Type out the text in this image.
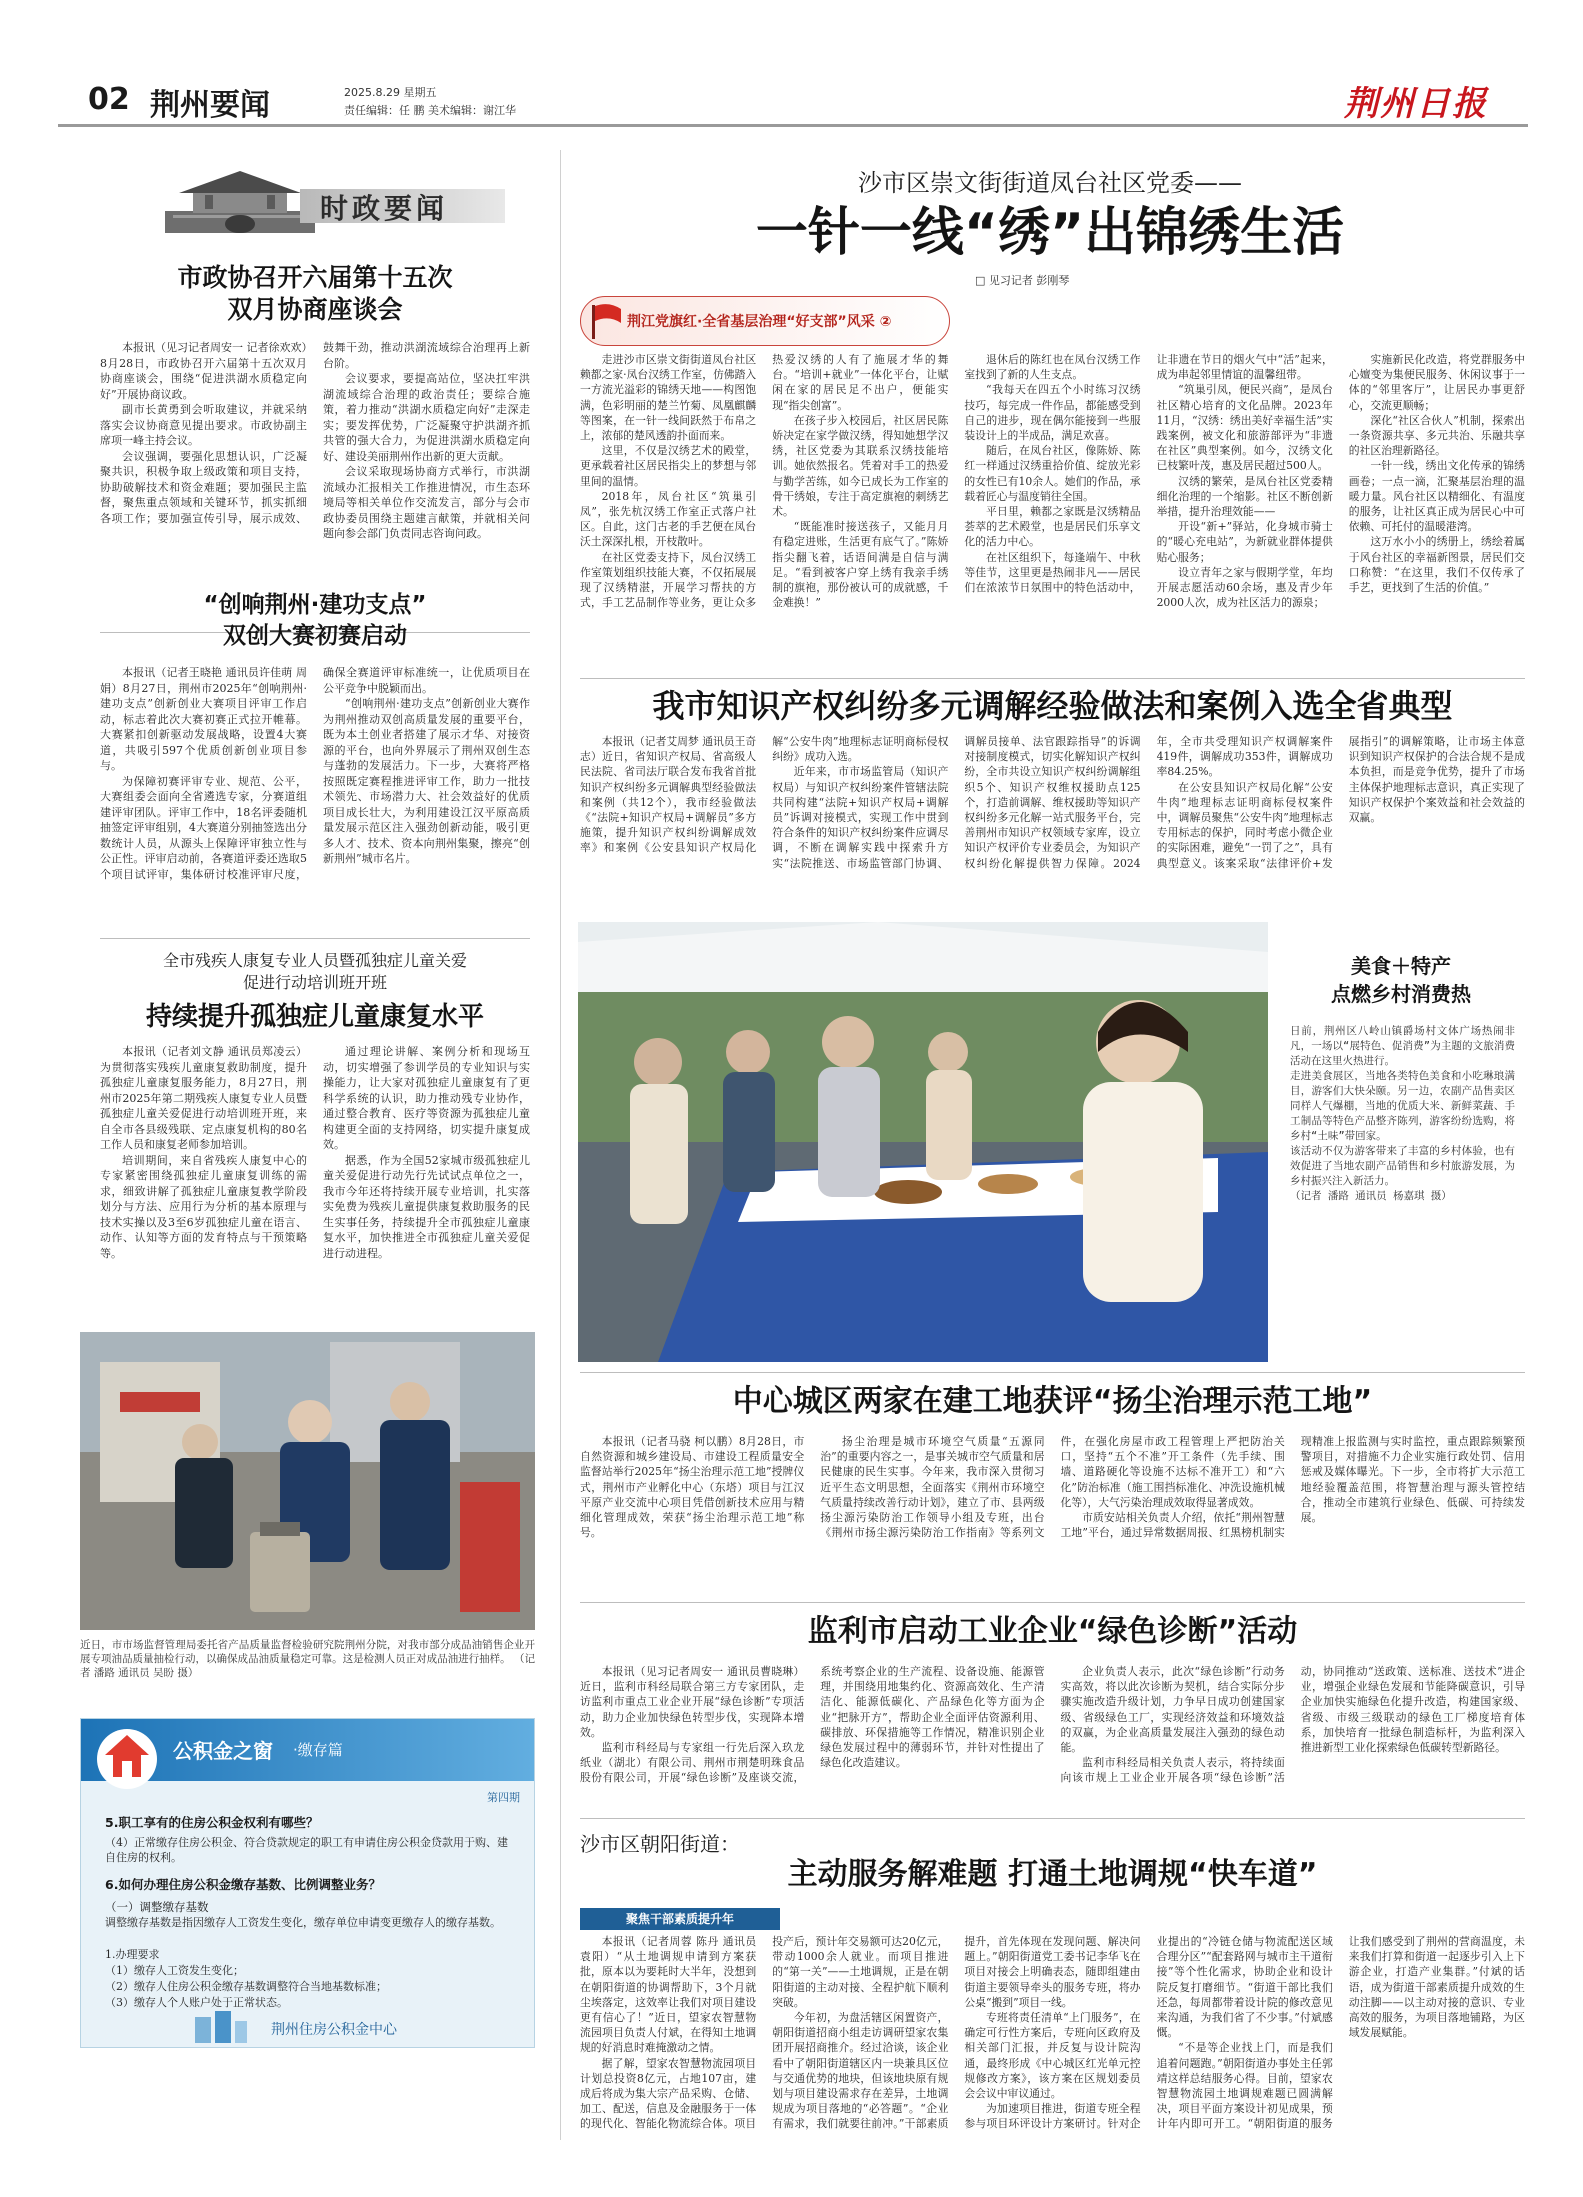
02 荆州要闻	2025.8.29 星期五
责任编辑：任 鹏 美术编辑：谢江华	荆州日报
时政要闻
市政协召开六届第十五次
双月协商座谈会

本报讯（见习记者周安一 记者徐欢欢）8月28日，市政协召开六届第十五次双月协商座谈会，围绕“促进洪湖水质稳定向好”开展协商议政。

副市长黄勇到会听取建议，并就采纳落实会议协商意见提出要求。市政协副主席项一峰主持会议。

会议强调，要强化思想认识，广泛凝聚共识，积极争取上级政策和项目支持，协助破解技术和资金难题；要加强民主监督，聚焦重点领域和关键环节，抓实抓细各项工作；要加强宣传引导，展示成效、鼓舞干劲，推动洪湖流域综合治理再上新台阶。

会议要求，要提高站位，坚决扛牢洪湖流域综合治理的政治责任；要综合施策，着力推动“洪湖水质稳定向好”走深走实；要发挥优势，广泛凝聚守护洪湖齐抓共管的强大合力，为促进洪湖水质稳定向好、建设美丽荆州作出新的更大贡献。

会议采取现场协商方式举行，市洪湖流域办汇报相关工作推进情况，市生态环境局等相关单位作交流发言，部分与会市政协委员围绕主题建言献策，并就相关问题向参会部门负责同志咨询问政。

“创响荆州·建功支点”
双创大赛初赛启动

本报讯（记者王晓艳 通讯员许佳萌 周娟）8月27日，荆州市2025年“创响荆州·建功支点”创新创业大赛项目评审工作启动，标志着此次大赛初赛正式拉开帷幕。大赛紧扣创新驱动发展战略，设置4大赛道，共吸引597个优质创新创业项目参与。

为保障初赛评审专业、规范、公平，大赛组委会面向全省遴选专家，分赛道组建评审团队。评审工作中，18名评委随机抽签定评审组别，4大赛道分别抽签选出分数统计人员，从源头上保障评审独立性与公正性。评审启动前，各赛道评委还选取5个项目试评审，集体研讨校准评审尺度，确保全赛道评审标准统一，让优质项目在公平竞争中脱颖而出。

“创响荆州·建功支点”创新创业大赛作为荆州推动双创高质量发展的重要平台，既为本土创业者搭建了展示才华、对接资源的平台，也向外界展示了荆州双创生态与蓬勃的发展活力。下一步，大赛将严格按照既定赛程推进评审工作，助力一批技术领先、市场潜力大、社会效益好的优质项目成长壮大，为利用建设江汉平原高质量发展示范区注入强劲创新动能，吸引更多人才、技术、资本向荆州集聚，擦亮“创新荆州”城市名片。

全市残疾人康复专业人员暨孤独症儿童关爱
促进行动培训班开班
持续提升孤独症儿童康复水平

本报讯（记者刘文静 通讯员郑凌云）为贯彻落实残疾儿童康复救助制度，提升孤独症儿童康复服务能力，8月27日，荆州市2025年第二期残疾人康复专业人员暨孤独症儿童关爱促进行动培训班开班，来自全市各县级残联、定点康复机构的80名工作人员和康复老师参加培训。

培训期间，来自省残疾人康复中心的专家紧密围绕孤独症儿童康复训练的需求，细致讲解了孤独症儿童康复教学阶段划分与方法、应用行为分析的基本原理与技术实操以及3至6岁孤独症儿童在语言、动作、认知等方面的发育特点与干预策略等。

通过理论讲解、案例分析和现场互动，切实增强了参训学员的专业知识与实操能力，让大家对孤独症儿童康复有了更科学系统的认识，助力推动残专业协作，通过整合教育、医疗等资源为孤独症儿童构建更全面的支持网络，切实提升康复成效。

据悉，作为全国52家城市级孤独症儿童关爱促进行动先行先试试点单位之一，我市今年还将持续开展专业培训，扎实落实免费为残疾儿童提供康复救助服务的民生实事任务，持续提升全市孤独症儿童康复水平，加快推进全市孤独症儿童关爱促进行动进程。

近日，市市场监督管理局委托省产品质量监督检验研究院荆州分院，对我市部分成品油销售企业开展专项油品质量抽检行动，以确保成品油质量稳定可靠。这是检测人员正对成品油进行抽样。 （记者 潘路 通讯员 吴盼 摄）
公积金之窗 ·缴存篇
第四期
5.职工享有的住房公积金权利有哪些？
（4）正常缴存住房公积金、符合贷款规定的职工有申请住房公积金贷款用于购、建自住房的权利。
6.如何办理住房公积金缴存基数、比例调整业务？
（一）调整缴存基数
调整缴存基数是指因缴存人工资发生变化，缴存单位申请变更缴存人的缴存基数。
1.办理要求
（1）缴存人工资发生变化；
（2）缴存人住房公积金缴存基数调整符合当地基数标准；
（3）缴存人个人账户处于正常状态。
荆州住房公积金中心
沙市区崇文街街道凤台社区党委——
一针一线“绣”出锦绣生活
□ 见习记者 彭刚琴
荆江党旗红·全省基层治理“好支部”风采 ②

走进沙市区崇文街街道凤台社区赖都之家·凤台汉绣工作室，仿佛踏入一方流光溢彩的锦绣天地——构图饱满，色彩明丽的楚兰竹菊、凤凰麒麟等图案，在一针一线间跃然于布帛之上，浓郁的楚风透韵扑面而来。

这里，不仅是汉绣艺术的殿堂，更承载着社区居民指尖上的梦想与邻里间的温情。

2018年，凤台社区“筑巢引凤”，张先杭汉绣工作室正式落户社区。自此，这门古老的手艺便在凤台沃土深深扎根，开枝散叶。

在社区党委支持下，凤台汉绣工作室策划组织技能大赛，不仅拓展展现了汉绣精湛，开展学习帮扶的方式，手工艺品制作等业务，更让众多热爱汉绣的人有了施展才华的舞台。“培训+就业”一体化平台，让赋闲在家的居民足不出户，便能实现“指尖创富”。

在孩子步入校园后，社区居民陈娇决定在家学做汉绣，得知她想学汉绣，社区党委为其联系汉绣技能培训。她依然报名。凭着对手工的热爱与勤学苦练，如今已成长为工作室的骨干绣娘，专注于高定旗袍的刺绣艺术。

“既能准时接送孩子，又能月月有稳定进账，生活更有底气了。”陈娇指尖翻飞着，话语间满是自信与满足。“看到被客户穿上绣有我亲手绣制的旗袍，那份被认可的成就感，千金难换！”

退休后的陈红也在凤台汉绣工作室找到了新的人生支点。

“我每天在四五个小时练习汉绣技巧，每完成一件作品，都能感受到自己的进步，现在偶尔能接到一些服装设计上的半成品，满足欢喜。

随后，在凤台社区，像陈娇、陈红一样通过汉绣重拾价值、绽放光彩的女性已有10余人。她们的作品，承载着匠心与温度销往全国。

平日里，赖都之家既是汉绣精品荟萃的艺术殿堂，也是居民们乐享文化的活力中心。

在社区组织下，每逢端午、中秋等佳节，这里更是热闹非凡——居民们在浓浓节日氛围中的特色活动中，让非遗在节日的烟火气中“活”起来，成为串起邻里情谊的温馨纽带。

“筑巢引凤，便民兴商”，是凤台社区精心培育的文化品牌。2023年11月，“汉绣：绣出美好幸福生活”实践案例，被文化和旅游部评为“非遗在社区”典型案例。如今，汉绣文化已枝繁叶茂，惠及居民超过500人。

汉绣的繁荣，是凤台社区党委精细化治理的一个缩影。社区不断创新举措，提升治理效能——

开设“新+”驿站，化身城市骑士的“暖心充电站”，为新就业群体提供贴心服务；

设立青年之家与假期学堂，年均开展志愿活动60余场，惠及青少年2000人次，成为社区活力的源泉；

实施新民化改造，将党群服务中心嬗变为集便民服务、休闲议事于一体的“邻里客厅”，让居民办事更舒心，交流更顺畅；

深化“社区合伙人”机制，探索出一条资源共享、多元共治、乐融共享的社区治理新路径。

一针一线，绣出文化传承的锦绣画卷；一点一滴，汇聚基层治理的温暖力量。风台社区以精细化、有温度的服务，让社区真正成为居民心中可依赖、可托付的温暖港湾。

这万水小小的绣册上，绣绘着属于风台社区的幸福新图景，居民们交口称赞：“在这里，我们不仅传承了手艺，更找到了生活的价值。”

我市知识产权纠纷多元调解经验做法和案例入选全省典型

本报讯（记者艾周梦 通讯员王奇志）近日，省知识产权局、省高级人民法院、省司法厅联合发布我省首批知识产权纠纷多元调解典型经验做法和案例（共12个），我市经验做法《“法院+知识产权局+调解员”多方施策，提升知识产权纠纷调解成效率》和案例《公安县知识产权局化解“公安牛肉”地理标志证明商标侵权纠纷》成功入选。

近年来，市市场监管局（知识产权局）与知识产权纠纷案件管辖法院共同构建“法院+知识产权局+调解员”诉调对接模式，实现工作中贯到符合条件的知识产权纠纷案件应调尽调，不断在调解实践中探索升方实“法院推送、市场监管部门协调、调解员接单、法官跟踪指导”的诉调对接制度模式，切实化解知识产权纠纷，全市共设立知识产权纠纷调解组织5个、知识产权维权援助点125个，打造前调解、维权援助等知识产权纠纷多元化解一站式服务平台，完善荆州市知识产权领域专家库，设立知识产权评价专业委员会，为知识产权纠纷化解提供智力保障。2024年，全市共受理知识产权调解案件419件，调解成功353件，调解成功率84.25%。

在公安县知识产权局化解“公安牛肉”地理标志证明商标侵权案件中，调解员聚焦“公安牛肉”地理标志专用标志的保护，同时考虑小微企业的实际困难，避免“一罚了之”，具有典型意义。该案采取“法律评价+发展指引”的调解策略，让市场主体意识到知识产权保护的合法合规不是成本负担，而是竞争优势，提升了市场主体保护地理标志意识，真正实现了知识产权保护个案效益和社会效益的双赢。

美食＋特产
点燃乡村消费热
日前，荆州区八岭山镇爵场村文体广场热闹非凡，一场以“展特色、促消费”为主题的文旅消费活动在这里火热进行。
走进美食展区，当地各类特色美食和小吃琳琅满目，游客们大快朵颐。另一边，农副产品售卖区同样人气爆棚，当地的优质大米、新鲜菜蔬、手工制品等特色产品整齐陈列，游客纷纷选购，将乡村“土味”带回家。
该活动不仅为游客带来了丰富的乡村体验，也有效促进了当地农副产品销售和乡村旅游发展，为乡村振兴注入新活力。
（记者 潘路 通讯员 杨嘉琪 摄）
中心城区两家在建工地获评“扬尘治理示范工地”

本报讯（记者马骁 柯以鹏）8月28日，市自然资源和城乡建设局、市建设工程质量安全监督站举行2025年“扬尘治理示范工地”授牌仪式，荆州市产业孵化中心（东塔）项目与江汉平原产业交流中心项目凭借创新技术应用与精细化管理成效，荣获“扬尘治理示范工地”称号。

扬尘治理是城市环境空气质量“五源同治”的重要内容之一，是事关城市空气质量和居民健康的民生实事。今年来，我市深入贯彻习近平生态文明思想，全面落实《荆州市环境空气质量持续改善行动计划》，建立了市、县两级扬尘源污染防治工作领导小组及专班，出台《荆州市扬尘源污染防治工作指南》等系列文件，在强化房屋市政工程管理上严把防治关口，坚持“五个不准”开工条件（先手续、围墙、道路硬化等设施不达标不准开工）和“六化”防治标准（施工围挡标准化、冲洗设施机械化等），大气污染治理成效取得显著成效。

市质安站相关负责人介绍，依托“荆州智慧工地”平台，通过异常数据周报、红黑榜机制实现精准上报监测与实时监控，重点跟踪频繁预警项目，对措施不力企业实施行政处罚、信用惩戒及媒体曝光。下一步，全市将扩大示范工地经验覆盖范围，将智慧治理与源头管控结合，推动全市建筑行业绿色、低碳、可持续发展。

监利市启动工业企业“绿色诊断”活动

本报讯（见习记者周安一 通讯员曹晓琳）近日，监利市科经局联合第三方专家团队，走访监利市重点工业企业开展“绿色诊断”专项活动，助力企业加快绿色转型步伐，实现降本增效。

监利市科经局与专家组一行先后深入玖龙纸业（湖北）有限公司、荆州市荆楚明珠食品股份有限公司，开展“绿色诊断”及座谈交流，系统考察企业的生产流程、设备设施、能源管理，并围绕用地集约化、资源高效化、生产清洁化、能源低碳化、产品绿色化等方面为企业“把脉开方”，帮助企业全面评估资源利用、碳排放、环保措施等工作情况，精准识别企业绿色发展过程中的薄弱环节，并针对性提出了绿色化改造建议。

企业负责人表示，此次“绿色诊断”行动务实高效，将以此次诊断为契机，结合实际分步骤实施改造升级计划，力争早日成功创建国家级、省级绿色工厂，实现经济效益和环境效益的双赢，为企业高质量发展注入强劲的绿色动能。

监利市科经局相关负责人表示，将持续面向该市规上工业企业开展各项“绿色诊断”活动，协同推动“送政策、送标准、送技术”进企业，增强企业绿色发展和节能降碳意识，引导企业加快实施绿色化提升改造，构建国家级、省级、市级三级联动的绿色工厂梯度培育体系，加快培育一批绿色制造标杆，为监利深入推进新型工业化探索绿色低碳转型新路径。

沙市区朝阳街道：
主动服务解难题 打通土地调规“快车道”
聚焦干部素质提升年

本报讯（记者周蓉 陈丹 通讯员袁阳）“从土地调规申请到方案获批，原本以为要耗时大半年，没想到在朝阳街道的协调帮助下，3个月就尘埃落定，这效率让我们对项目建设更有信心了！”近日，望家农智慧物流园项目负责人付斌，在得知土地调规的好消息时难掩激动之情。

据了解，望家农智慧物流园项目计划总投资8亿元，占地107亩，建成后将成为集大宗产品采购、仓储、加工、配送，信息及金融服务于一体的现代化、智能化物流综合体。项目投产后，预计年交易额可达20亿元，带动1000余人就业。而项目推进的“第一关”——土地调规，正是在朝阳街道的主动对接、全程护航下顺利突破。

今年初，为盘活辖区闲置资产，朝阳街道招商小组走访调研望家农集团开展招商推介。经过洽谈，该企业看中了朝阳街道辖区内一块兼具区位与交通优势的地块，但该地块原有规划与项目建设需求存在差异，土地调规成为项目落地的“必答题”。“企业有需求，我们就要往前冲。”干部素质提升，首先体现在发现问题、解决问题上。”朝阳街道党工委书记李华飞在项目对接会上明确表态，随即组建由街道主要领导牵头的服务专班，将办公桌“搬到”项目一线。

专班将责任清单“上门服务”，在确定可行性方案后，专班向区政府及相关部门汇报，并反复与设计院沟通，最终形成《中心城区红光单元控规修改方案》，该方案在区规划委员会会议中审议通过。

为加速项目推进，街道专班全程参与项目环评设计方案研讨。针对企业提出的“冷链仓储与物流配送区域合理分区”“配套路网与城市主干道衔接”等个性化需求，协助企业和设计院反复打磨细节。“街道干部比我们还急，每周都带着设计院的修改意见来沟通，为我们省了不少事。”付斌感慨。

“不是等企业找上门，而是我们追着问题跑。”朝阳街道办事处主任郭靖这样总结服务心得。目前，望家农智慧物流园土地调规难题已圆满解决，项目平面方案设计初见成果，预计年内即可开工。“朝阳街道的服务让我们感受到了荆州的营商温度，未来我们打算和街道一起逐步引入上下游企业，打造产业集群。”付斌的话语，成为街道干部素质提升成效的生动注脚——以主动对接的意识、专业高效的服务，为项目落地铺路，为区域发展赋能。
